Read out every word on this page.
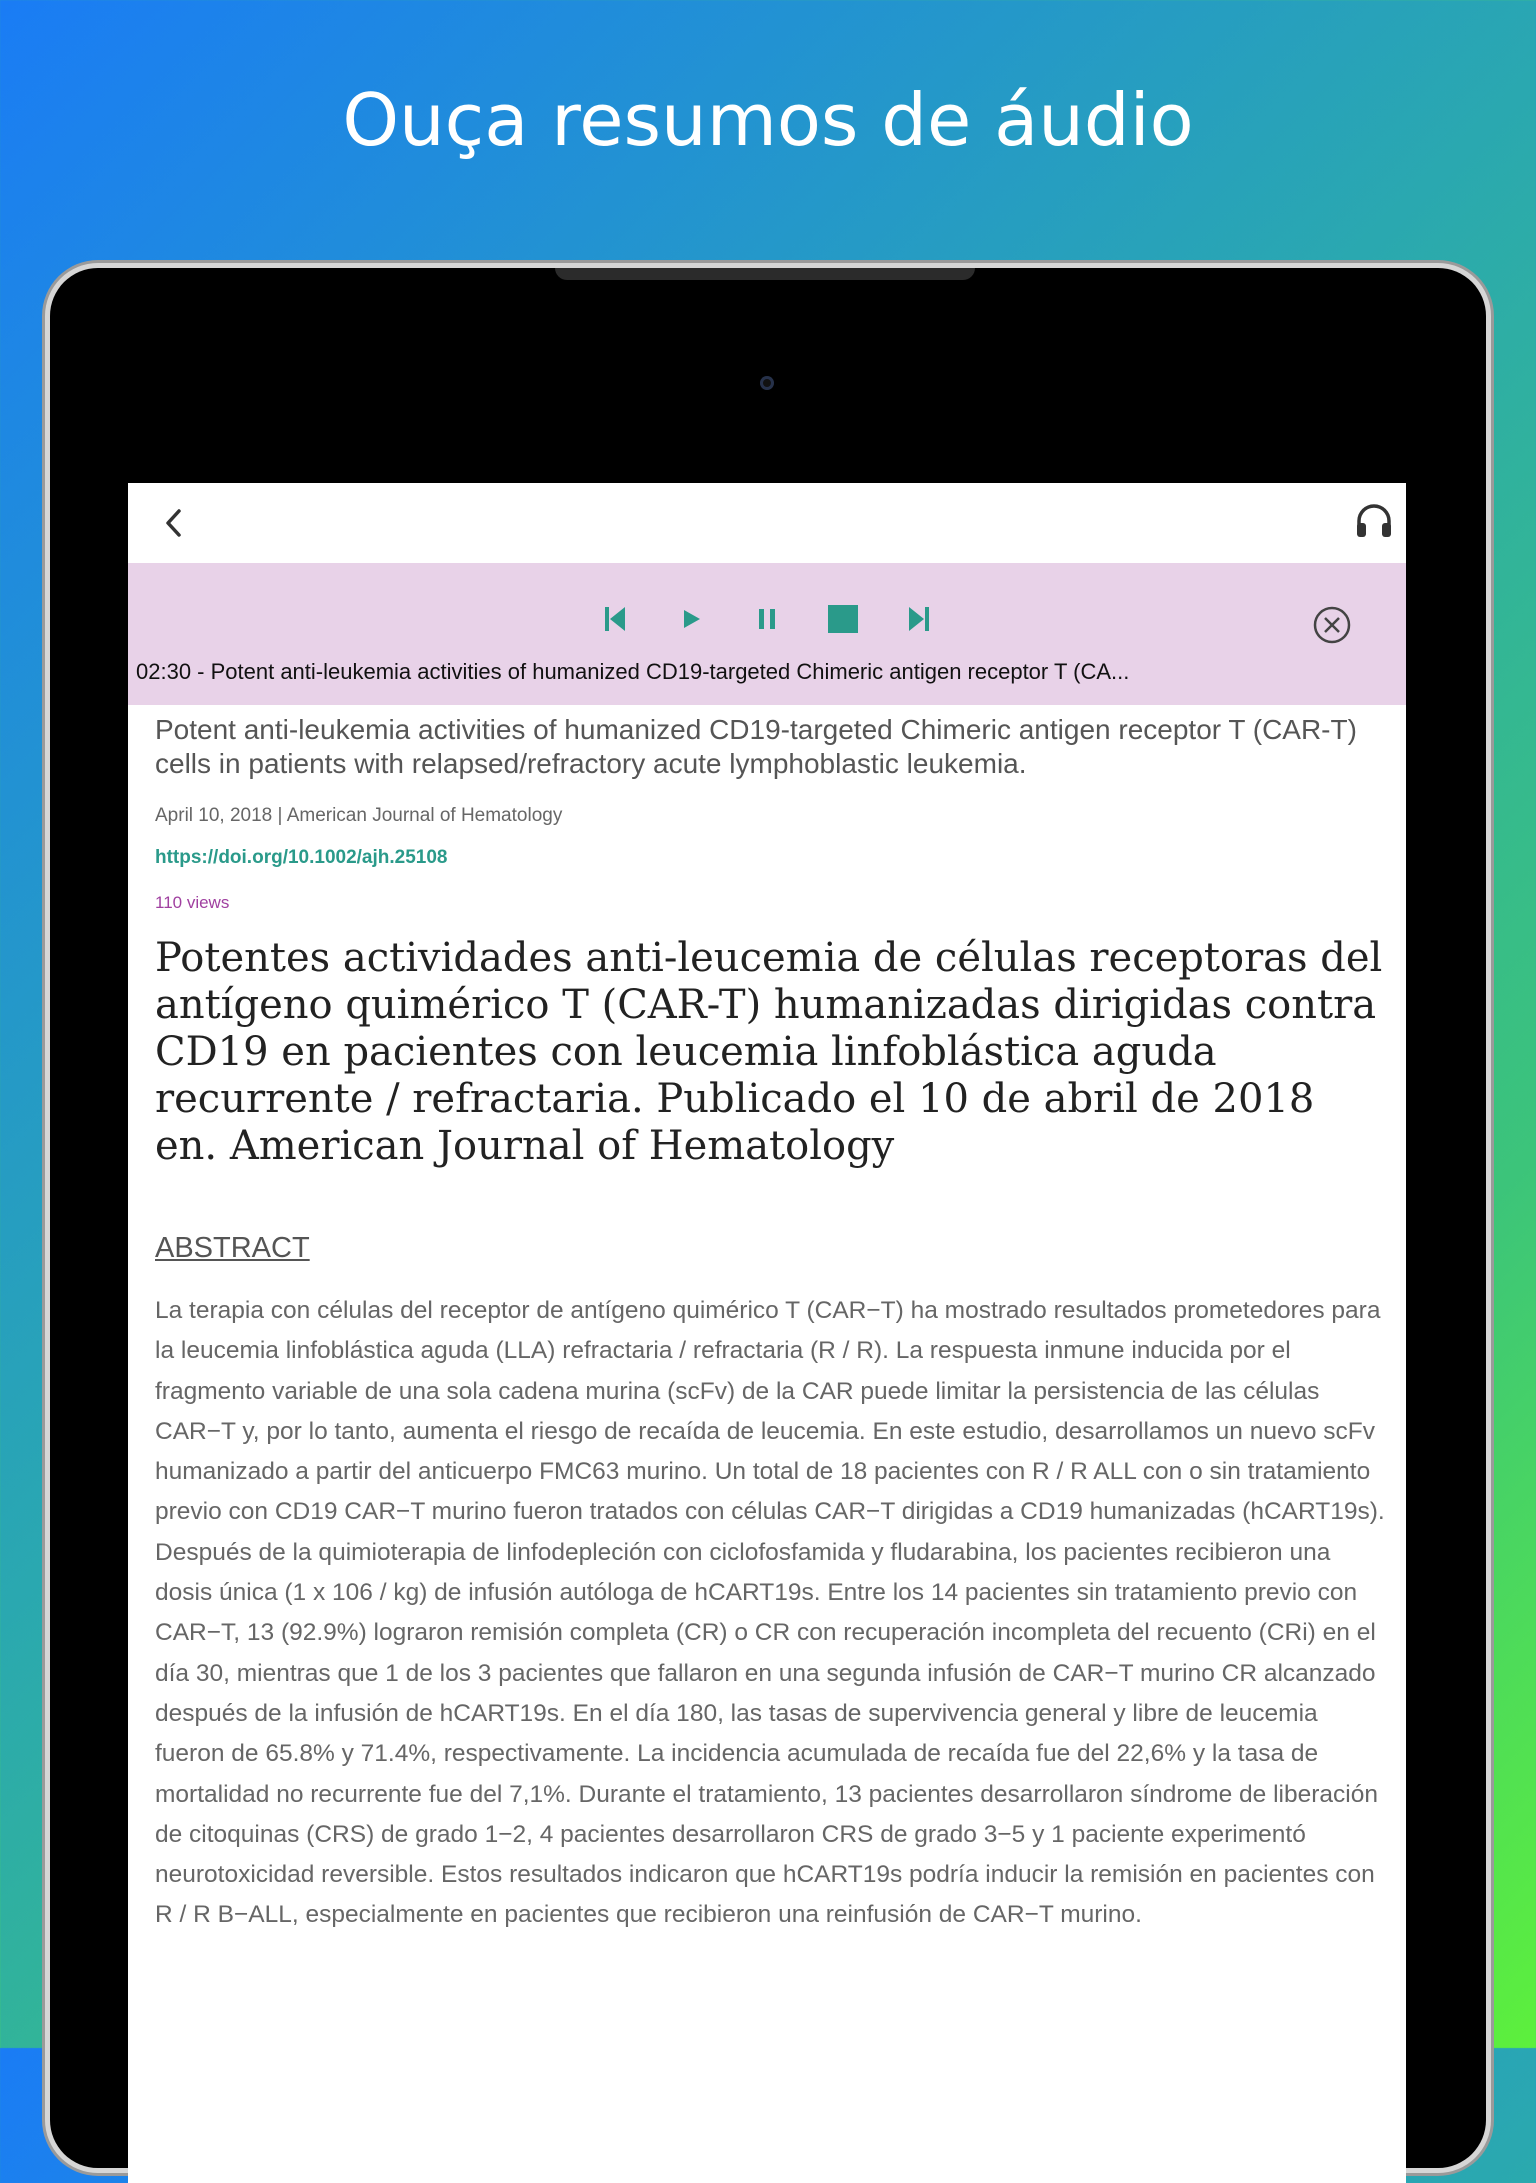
Ouça resumos de áudio
02:30 - Potent anti-leukemia activities of humanized CD19-targeted Chimeric antigen receptor T (CA...

Potent anti-leukemia activities of humanized CD19-targeted Chimeric antigen receptor T (CAR-T) cells in patients with relapsed/refractory acute lymphoblastic leukemia.

April 10, 2018 | American Journal of Hematology
https://doi.org/10.1002/ajh.25108
110 views
Potentes actividades anti-leucemia de células receptoras del antígeno quimérico T (CAR-T) humanizadas dirigidas contra CD19 en pacientes con leucemia linfoblástica aguda recurrente / refractaria. Publicado el 10 de abril de 2018 en. American Journal of Hematology
ABSTRACT
La terapia con células del receptor de antígeno quimérico T (CAR−T) ha mostrado resultados prometedores para la leucemia linfoblástica aguda (LLA) refractaria / refractaria (R / R). La respuesta inmune inducida por el fragmento variable de una sola cadena murina (scFv) de la CAR puede limitar la persistencia de las células CAR−T y, por lo tanto, aumenta el riesgo de recaída de leucemia. En este estudio, desarrollamos un nuevo scFv humanizado a partir del anticuerpo FMC63 murino. Un total de 18 pacientes con R / R ALL con o sin tratamiento previo con CD19 CAR−T murino fueron tratados con células CAR−T dirigidas a CD19 humanizadas (hCART19s). Después de la quimioterapia de linfodepleción con ciclofosfamida y fludarabina, los pacientes recibieron una dosis única (1 x 106 / kg) de infusión autóloga de hCART19s. Entre los 14 pacientes sin tratamiento previo con CAR−T, 13 (92.9%) lograron remisión completa (CR) o CR con recuperación incompleta del recuento (CRi) en el día 30, mientras que 1 de los 3 pacientes que fallaron en una segunda infusión de CAR−T murino CR alcanzado después de la infusión de hCART19s. En el día 180, las tasas de supervivencia general y libre de leucemia fueron de 65.8% y 71.4%, respectivamente. La incidencia acumulada de recaída fue del 22,6% y la tasa de mortalidad no recurrente fue del 7,1%. Durante el tratamiento, 13 pacientes desarrollaron síndrome de liberación de citoquinas (CRS) de grado 1−2, 4 pacientes desarrollaron CRS de grado 3−5 y 1 paciente experimentó neurotoxicidad reversible. Estos resultados indicaron que hCART19s podría inducir la remisión en pacientes con R / R B−ALL, especialmente en pacientes que recibieron una reinfusión de CAR−T murino.
